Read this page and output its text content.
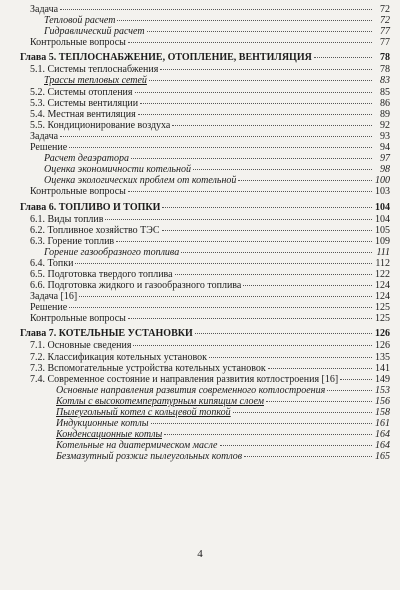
Задача	72
Тепловой расчет	72
Гидравлический расчет	77
Контрольные вопросы	77
Глава 5. ТЕПЛОСНАБЖЕНИЕ, ОТОПЛЕНИЕ, ВЕНТИЛЯЦИЯ	78
5.1. Системы теплоснабжения	78
Трассы тепловых сетей	83
5.2. Системы отопления	85
5.3. Системы вентиляции	86
5.4. Местная вентиляция	89
5.5. Кондиционирование воздуха	92
Задача	93
Решение	94
Расчет деаэратора	97
Оценка экономичности котельной	98
Оценка экологических проблем от котельной	100
Контрольные вопросы	103
Глава 6. ТОПЛИВО И ТОПКИ	104
6.1. Виды топлив	104
6.2. Топливное хозяйство ТЭС	105
6.3. Горение топлив	109
Горение газообразного топлива	111
6.4. Топки	112
6.5. Подготовка твердого топлива	122
6.6. Подготовка жидкого и газообразного топлива	124
Задача [16]	124
Решение	125
Контрольные вопросы	125
Глава 7. КОТЕЛЬНЫЕ УСТАНОВКИ	126
7.1. Основные сведения	126
7.2. Классификация котельных установок	135
7.3. Вспомогательные устройства котельных установок	141
7.4. Современное состояние и направления развития котлостроения [16]	149
Основные направления развития современного котлостроения	153
Котлы с высокотемпературным кипящим слоем	156
Пылеугольный котел с кольцевой топкой	158
Индукционные котлы	161
Конденсационные котлы	164
Котельные на диатермическом масле	164
Безмазутный розжиг пылеугольных котлов	165
4
